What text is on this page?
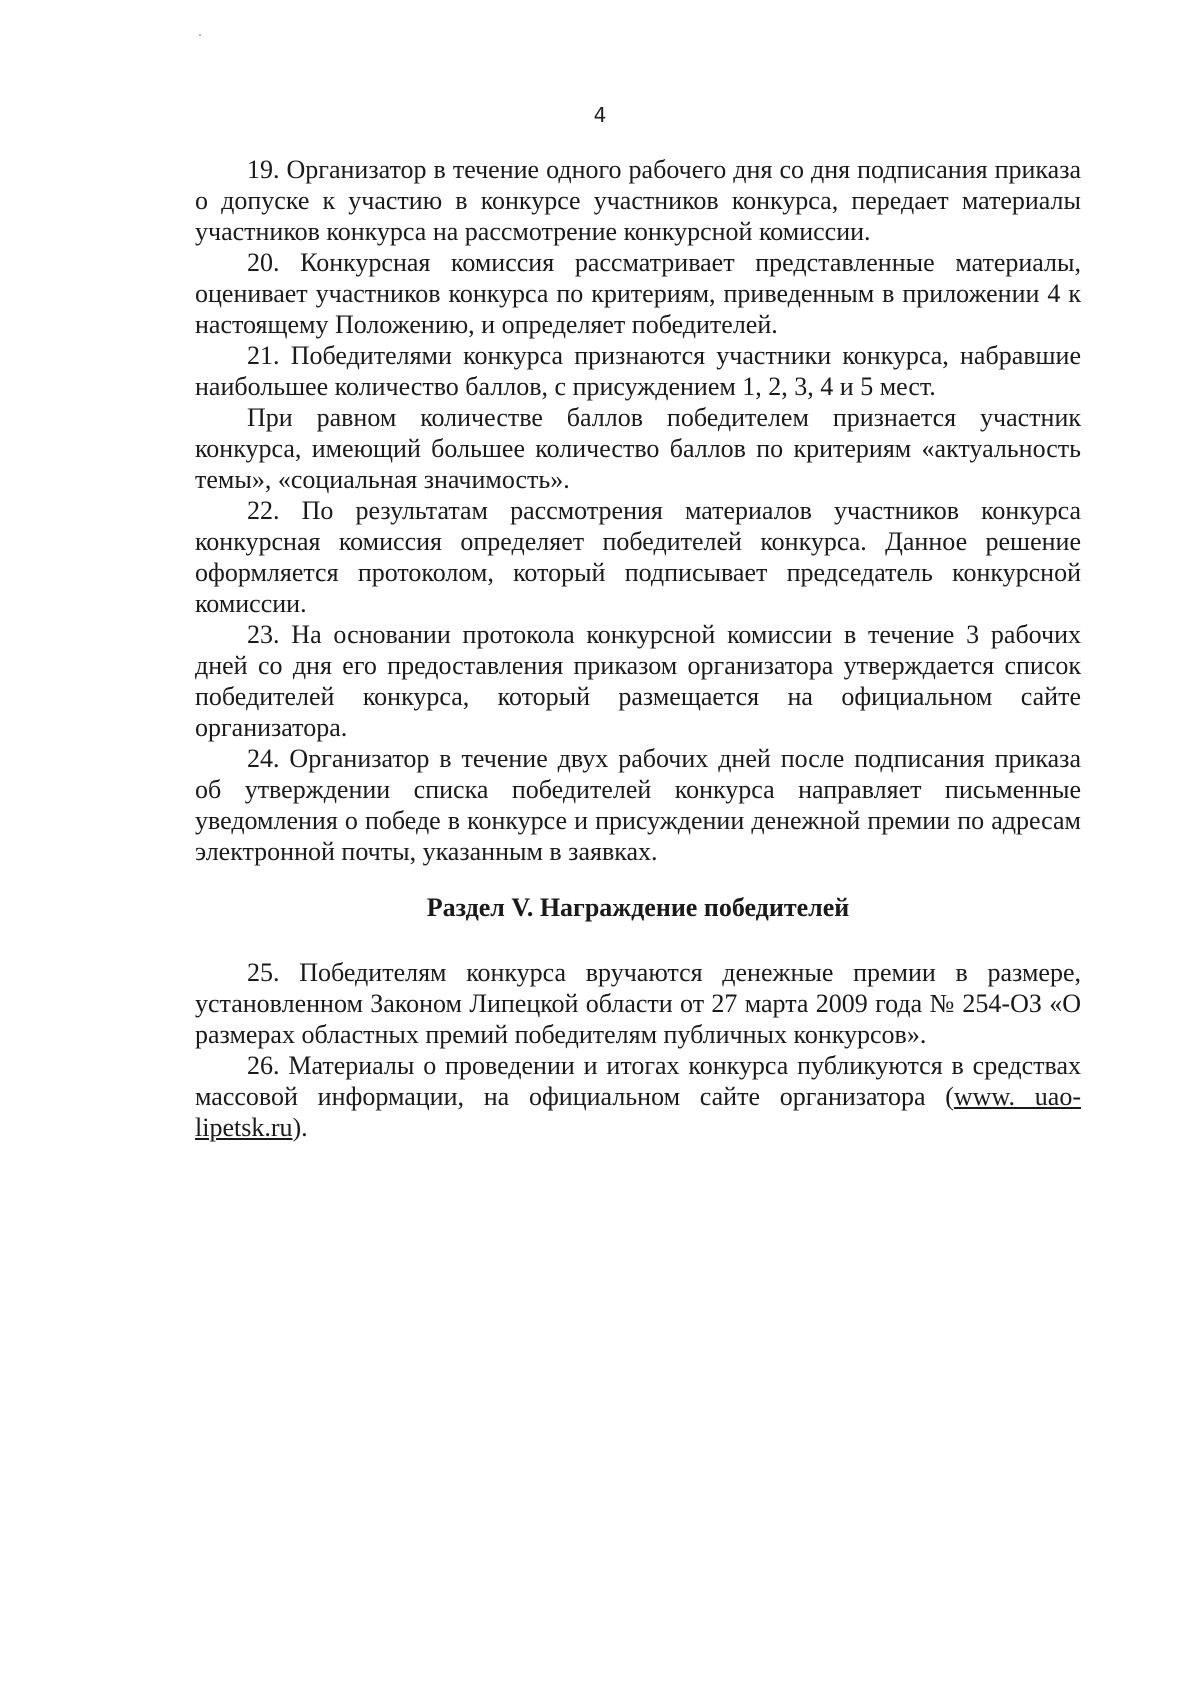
4

19. Организатор в течение одного рабочего дня со дня подписания приказа о допуске к участию в конкурсе участников конкурса, передает материалы участников конкурса на рассмотрение конкурсной комиссии.

20. Конкурсная комиссия рассматривает представленные материалы, оценивает участников конкурса по критериям, приведенным в приложении 4 к настоящему Положению, и определяет победителей.

21. Победителями конкурса признаются участники конкурса, набравшие наибольшее количество баллов, с присуждением 1, 2, 3, 4 и 5 мест.

При равном количестве баллов победителем признается участник конкурса, имеющий большее количество баллов по критериям «актуальность темы», «социальная значимость».

22. По результатам рассмотрения материалов участников конкурса конкурсная комиссия определяет победителей конкурса. Данное решение оформляется протоколом, который подписывает председатель конкурсной комиссии.

23. На основании протокола конкурсной комиссии в течение 3 рабочих дней со дня его предоставления приказом организатора утверждается список победителей конкурса, который размещается на официальном сайте организатора.

24. Организатор в течение двух рабочих дней после подписания приказа об утверждении списка победителей конкурса направляет письменные уведомления о победе в конкурсе и присуждении денежной премии по адресам электронной почты, указанным в заявках.

Раздел V. Награждение победителей

25. Победителям конкурса вручаются денежные премии в размере, установленном Законом Липецкой области от 27 марта 2009 года № 254-ОЗ «О размерах областных премий победителям публичных конкурсов».

26. Материалы о проведении и итогах конкурса публикуются в средствах массовой информации, на официальном сайте организатора (www. uao-lipetsk.ru).
